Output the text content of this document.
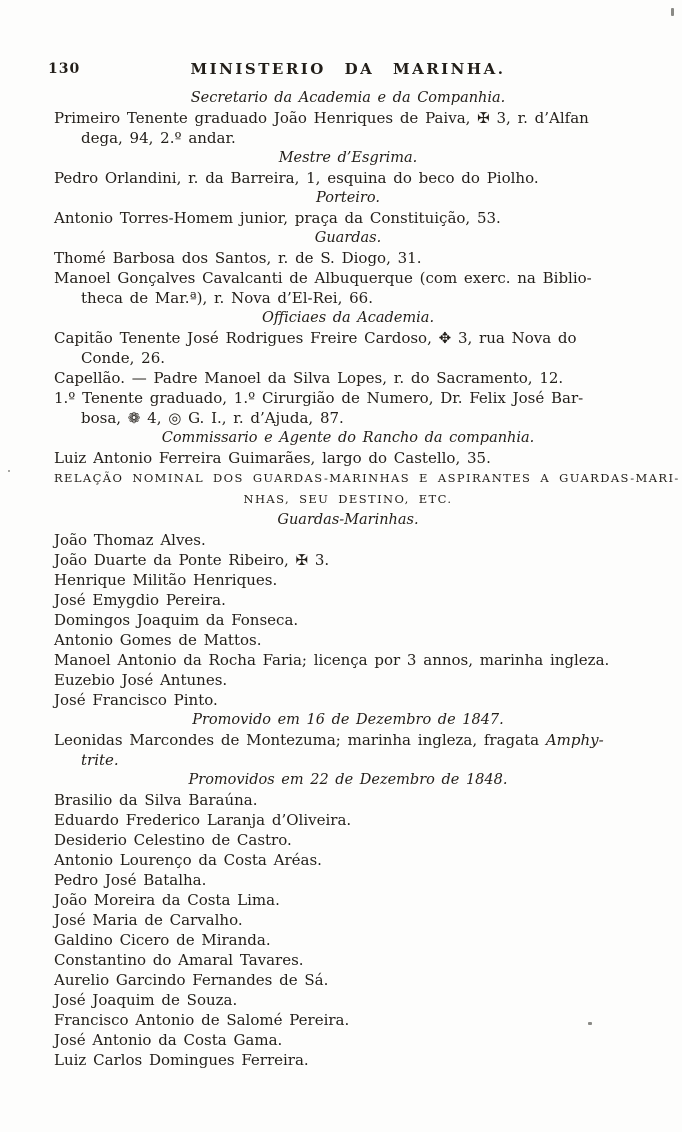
130	MINISTERIO DA MARINHA.
Secretario da Academia e da Companhia.
Primeiro Tenente graduado João Henriques de Paiva, ✠ 3, r. d’Alfan
dega, 94, 2.º andar.
Mestre d’Esgrima.
Pedro Orlandini, r. da Barreira, 1, esquina do beco do Piolho.
Porteiro.
Antonio Torres-Homem junior, praça da Constituição, 53.
Guardas.
Thomé Barbosa dos Santos, r. de S. Diogo, 31.
Manoel Gonçalves Cavalcanti de Albuquerque (com exerc. na Biblio-
theca de Mar.ª), r. Nova d’El-Rei, 66.
Officiaes da Academia.
Capitão Tenente José Rodrigues Freire Cardoso, ✥ 3, rua Nova do
Conde, 26.
Capellão. — Padre Manoel da Silva Lopes, r. do Sacramento, 12.
1.º Tenente graduado, 1.º Cirurgião de Numero, Dr. Felix José Bar-
bosa, ❁ 4, ◎ G. I., r. d’Ajuda, 87.
Commissario e Agente do Rancho da companhia.
Luiz Antonio Ferreira Guimarães, largo do Castello, 35.
RELAÇÃO NOMINAL DOS GUARDAS-MARINHAS E ASPIRANTES A GUARDAS-MARI-
NHAS, SEU DESTINO, ETC.
Guardas-Marinhas.
João Thomaz Alves.
João Duarte da Ponte Ribeiro, ✠ 3.
Henrique Militão Henriques.
José Emygdio Pereira.
Domingos Joaquim da Fonseca.
Antonio Gomes de Mattos.
Manoel Antonio da Rocha Faria; licença por 3 annos, marinha ingleza.
Euzebio José Antunes.
José Francisco Pinto.
Promovido em 16 de Dezembro de 1847.
Leonidas Marcondes de Montezuma; marinha ingleza, fragata Amphy-
trite.
Promovidos em 22 de Dezembro de 1848.
Brasilio da Silva Baraúna.
Eduardo Frederico Laranja d’Oliveira.
Desiderio Celestino de Castro.
Antonio Lourenço da Costa Aréas.
Pedro José Batalha.
João Moreira da Costa Lima.
José Maria de Carvalho.
Galdino Cicero de Miranda.
Constantino do Amaral Tavares.
Aurelio Garcindo Fernandes de Sá.
José Joaquim de Souza.
Francisco Antonio de Salomé Pereira.
José Antonio da Costa Gama.
Luiz Carlos Domingues Ferreira.
